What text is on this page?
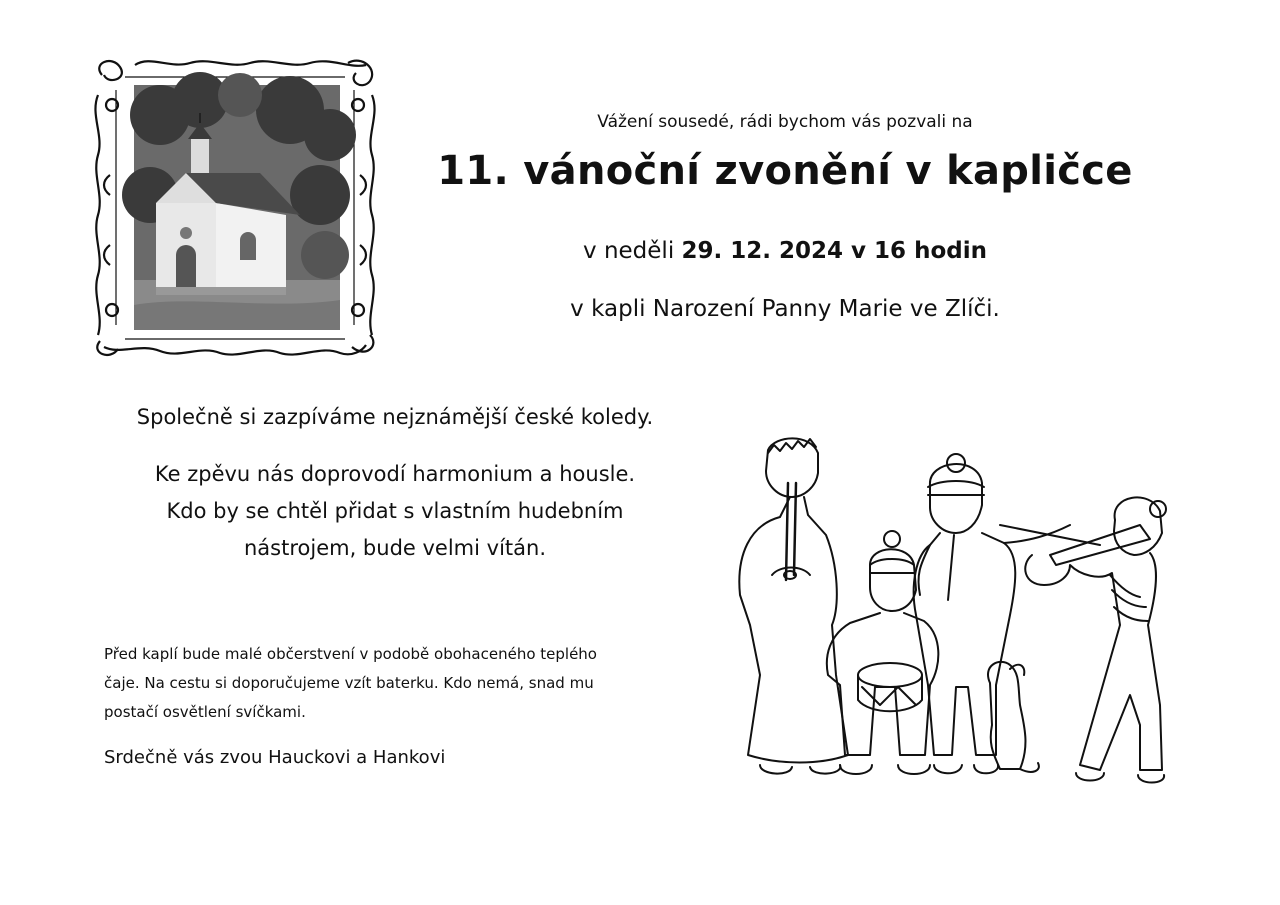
Vážení sousedé, rádi bychom vás pozvali na
11. vánoční zvonění v kapličce
v neděli 29. 12. 2024 v 16 hodin
v kapli Narození Panny Marie ve Zlíči.
Společně si zazpíváme nejznámější české koledy.
Ke zpěvu nás doprovodí harmonium a housle.
Kdo by se chtěl přidat s vlastním hudebním
nástrojem, bude velmi vítán.
Před kaplí bude malé občerstvení v podobě obohaceného teplého
čaje. Na cestu si doporučujeme vzít baterku. Kdo nemá, snad mu
postačí osvětlení svíčkami.
Srdečně vás zvou Hauckovi a Hankovi
